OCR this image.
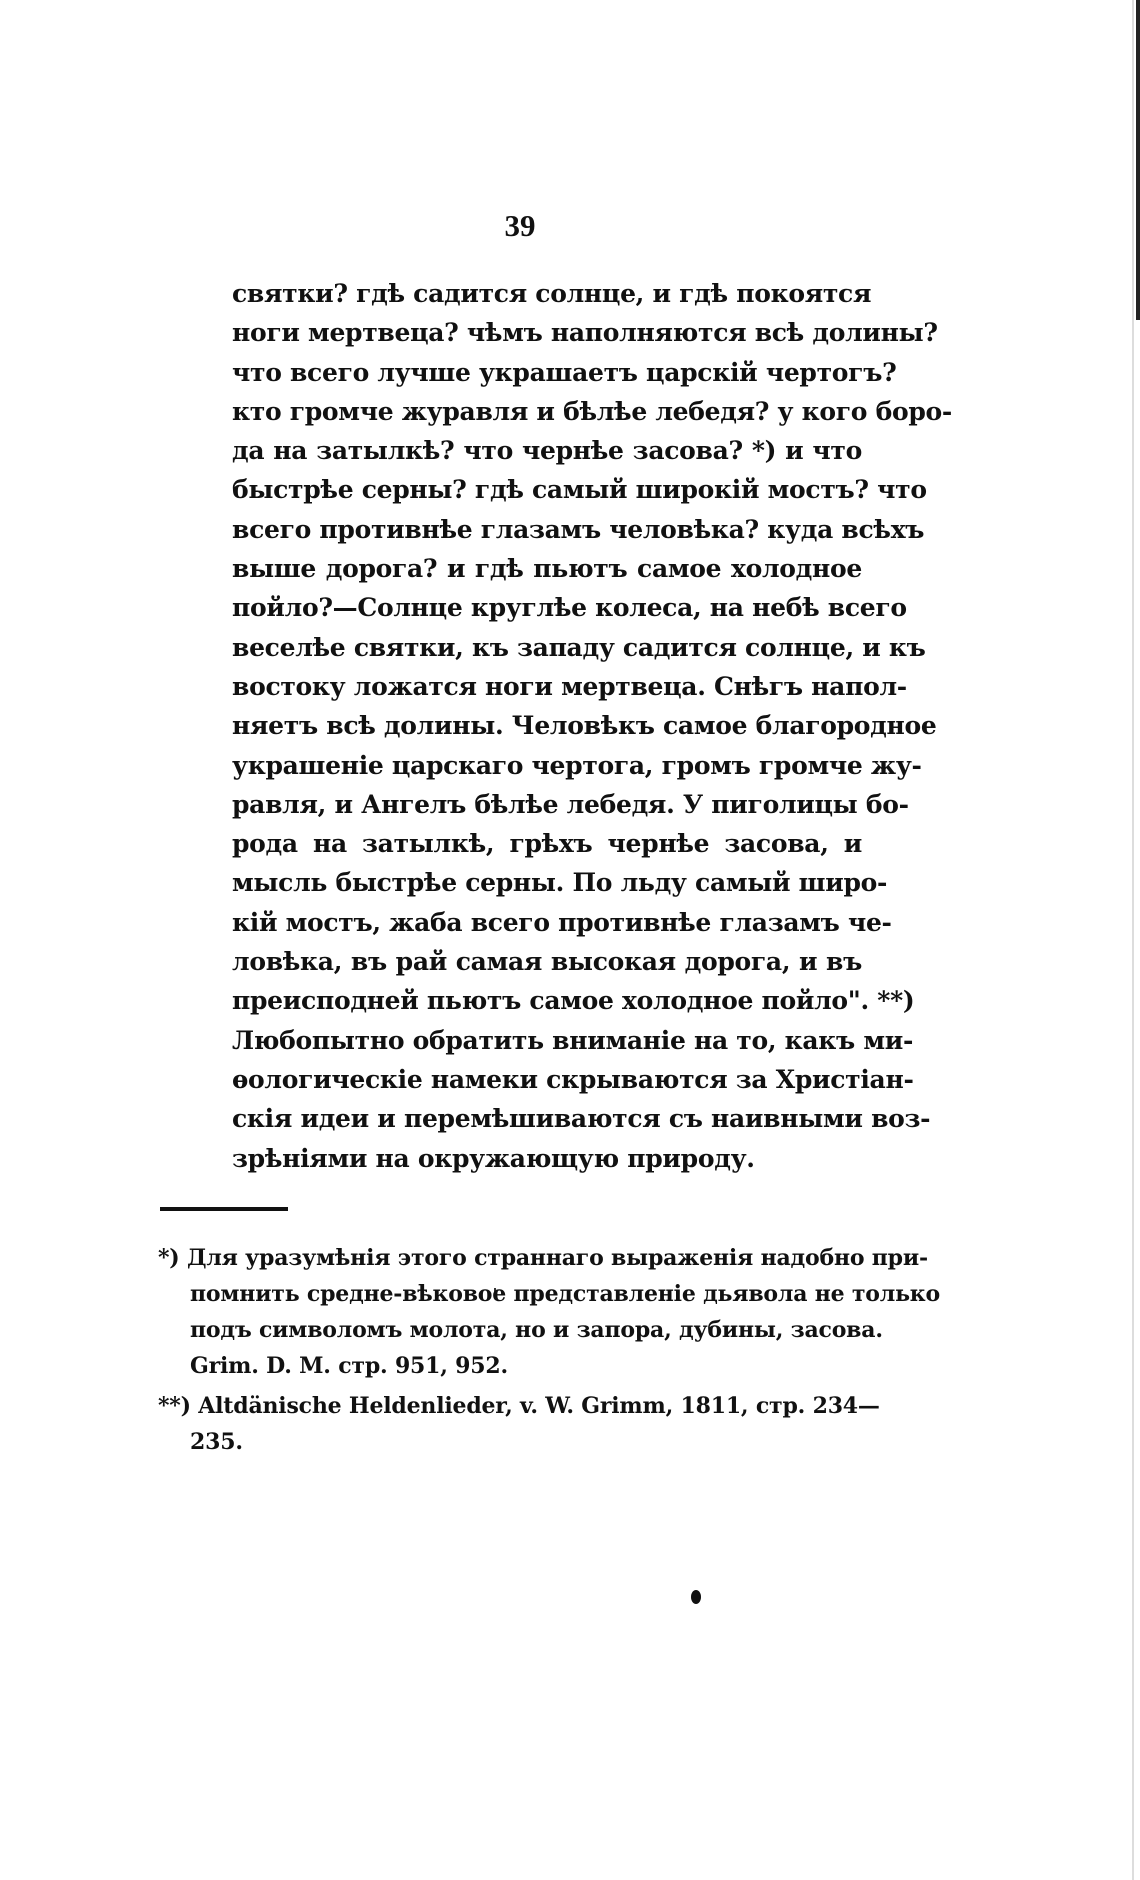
39
святки? гдѣ садится солнце, и гдѣ покоятся
ноги мертвеца? чѣмъ наполняются всѣ долины?
что всего лучше украшаетъ царскій чертогъ?
кто громче журавля и бѣлѣе лебедя? у кого боро-
да на затылкѣ? что чернѣе засова? *) и что
быстрѣе серны? гдѣ самый широкій мостъ? что
всего противнѣе глазамъ человѣка? куда всѣхъ
выше дорога? и гдѣ пьютъ самое холодное
пойло?—Солнце круглѣе колеса, на небѣ всего
веселѣе святки, къ западу садится солнце, и къ
востоку ложатся ноги мертвеца. Снѣгъ напол-
няетъ всѣ долины. Человѣкъ самое благородное
украшеніе царскаго чертога, громъ громче жу-
равля, и Ангелъ бѣлѣе лебедя. У пиголицы бо-
рода на затылкѣ, грѣхъ чернѣе засова, и
мысль быстрѣе серны. По льду самый широ-
кій мостъ, жаба всего противнѣе глазамъ че-
ловѣка, въ рай самая высокая дорога, и въ
преисподней пьютъ самое холодное пойло". **)
Любопытно обратить вниманіе на то, какъ ми-
ѳологическіе намеки скрываются за Христіан-
скія идеи и перемѣшиваются съ наивными воз-
зрѣніями на окружающую природу.
*) Для уразумѣнія этого страннаго выраженія надобно при-
помнить средне-вѣковое представленіе дьявола не только
подъ символомъ молота, но и запора, дубины, засова.
Grim. D. M. стр. 951, 952.
**) Altdänische Heldenlieder, v. W. Grimm, 1811, стр. 234—
235.
